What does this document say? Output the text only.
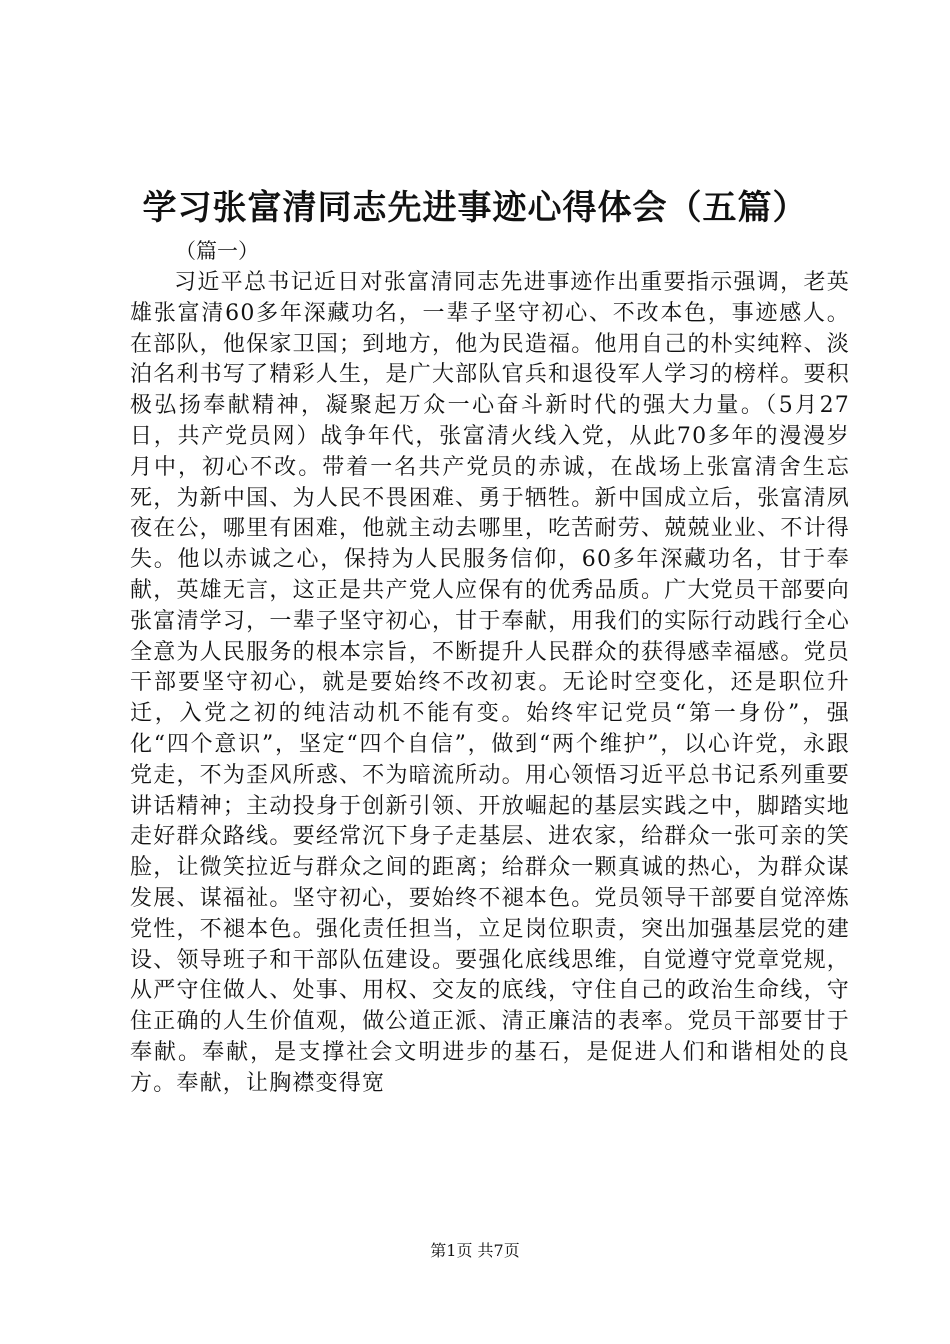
学习张富清同志先进事迹心得体会（五篇）

（篇一）

习近平总书记近日对张富清同志先进事迹作出重要指示强调，老英雄张富清60多年深藏功名，一辈子坚守初心、不改本色，事迹感人。在部队，他保家卫国；到地方，他为民造福。他用自己的朴实纯粹、淡泊名利书写了精彩人生，是广大部队官兵和退役军人学习的榜样。要积极弘扬奉献精神，凝聚起万众一心奋斗新时代的强大力量。（5月27日，共产党员网）战争年代，张富清火线入党，从此70多年的漫漫岁月中，初心不改。带着一名共产党员的赤诚，在战场上张富清舍生忘死，为新中国、为人民不畏困难、勇于牺牲。新中国成立后，张富清夙夜在公，哪里有困难，他就主动去哪里，吃苦耐劳、兢兢业业、不计得失。他以赤诚之心，保持为人民服务信仰，60多年深藏功名，甘于奉献，英雄无言，这正是共产党人应保有的优秀品质。广大党员干部要向张富清学习，一辈子坚守初心，甘于奉献，用我们的实际行动践行全心全意为人民服务的根本宗旨，不断提升人民群众的获得感幸福感。党员干部要坚守初心，就是要始终不改初衷。无论时空变化，还是职位升迁，入党之初的纯洁动机不能有变。始终牢记党员“第一身份”，强化“四个意识”，坚定“四个自信”，做到“两个维护”，以心许党，永跟党走，不为歪风所惑、不为暗流所动。用心领悟习近平总书记系列重要讲话精神；主动投身于创新引领、开放崛起的基层实践之中，脚踏实地走好群众路线。要经常沉下身子走基层、进农家，给群众一张可亲的笑脸，让微笑拉近与群众之间的距离；给群众一颗真诚的热心，为群众谋发展、谋福祉。坚守初心，要始终不褪本色。党员领导干部要自觉淬炼党性，不褪本色。强化责任担当，立足岗位职责，突出加强基层党的建设、领导班子和干部队伍建设。要强化底线思维，自觉遵守党章党规，从严守住做人、处事、用权、交友的底线，守住自己的政治生命线，守住正确的人生价值观，做公道正派、清正廉洁的表率。党员干部要甘于奉献。奉献，是支撑社会文明进步的基石，是促进人们和谐相处的良方。奉献，让胸襟变得宽

第1页 共7页
